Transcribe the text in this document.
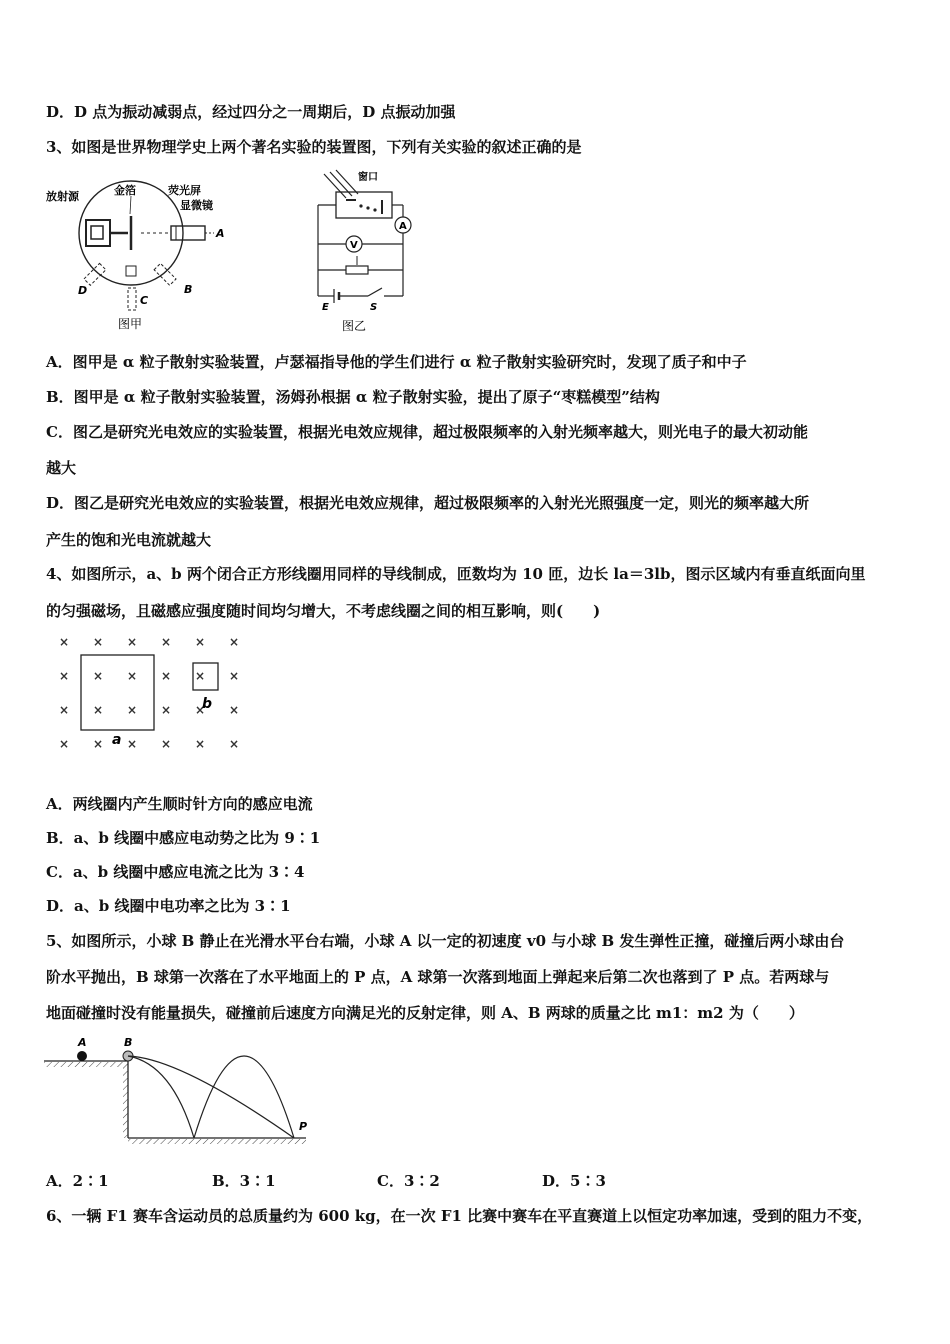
D．D 点为振动减弱点，经过四分之一周期后，D 点振动加强
3、如图是世界物理学史上两个著名实验的装置图，下列有关实验的叙述正确的是
放射源	金箔	荧光屏
显微镜
A
B
C
D
图甲
A
V
窗口
E	S
图乙
A．图甲是 α 粒子散射实验装置，卢瑟福指导他的学生们进行 α 粒子散射实验研究时，发现了质子和中子
B．图甲是 α 粒子散射实验装置，汤姆孙根据 α 粒子散射实验，提出了原子“枣糕模型”结构
C．图乙是研究光电效应的实验装置，根据光电效应规律，超过极限频率的入射光频率越大，则光电子的最大初动能
越大
D．图乙是研究光电效应的实验装置，根据光电效应规律，超过极限频率的入射光光照强度一定，则光的频率越大所
产生的饱和光电流就越大
4、如图所示，a、b 两个闭合正方形线圈用同样的导线制成，匝数均为 10 匝，边长 la＝3lb，图示区域内有垂直纸面向里
的匀强磁场，且磁感应强度随时间均匀增大，不考虑线圈之间的相互影响，则(　　)
×
×
×
×
×
×
×
×
×
×
×
×
×
×
×
×
×
×
×
×
×
×
×
×
a
b
A．两线圈内产生顺时针方向的感应电流
B．a、b 线圈中感应电动势之比为 9∶1
C．a、b 线圈中感应电流之比为 3∶4
D．a、b 线圈中电功率之比为 3∶1
5、如图所示，小球 B 静止在光滑水平台右端，小球 A 以一定的初速度 v0 与小球 B 发生弹性正撞，碰撞后两小球由台
阶水平抛出，B 球第一次落在了水平地面上的 P 点，A 球第一次落到地面上弹起来后第二次也落到了 P 点。若两球与
地面碰撞时没有能量损失，碰撞前后速度方向满足光的反射定律，则 A、B 两球的质量之比 m1：m2 为（　　）
A	B
P
A．2∶1	B．3∶1	C．3∶2	D．5∶3
6、一辆 F1 赛车含运动员的总质量约为 600 kg，在一次 F1 比赛中赛车在平直赛道上以恒定功率加速，受到的阻力不变，
